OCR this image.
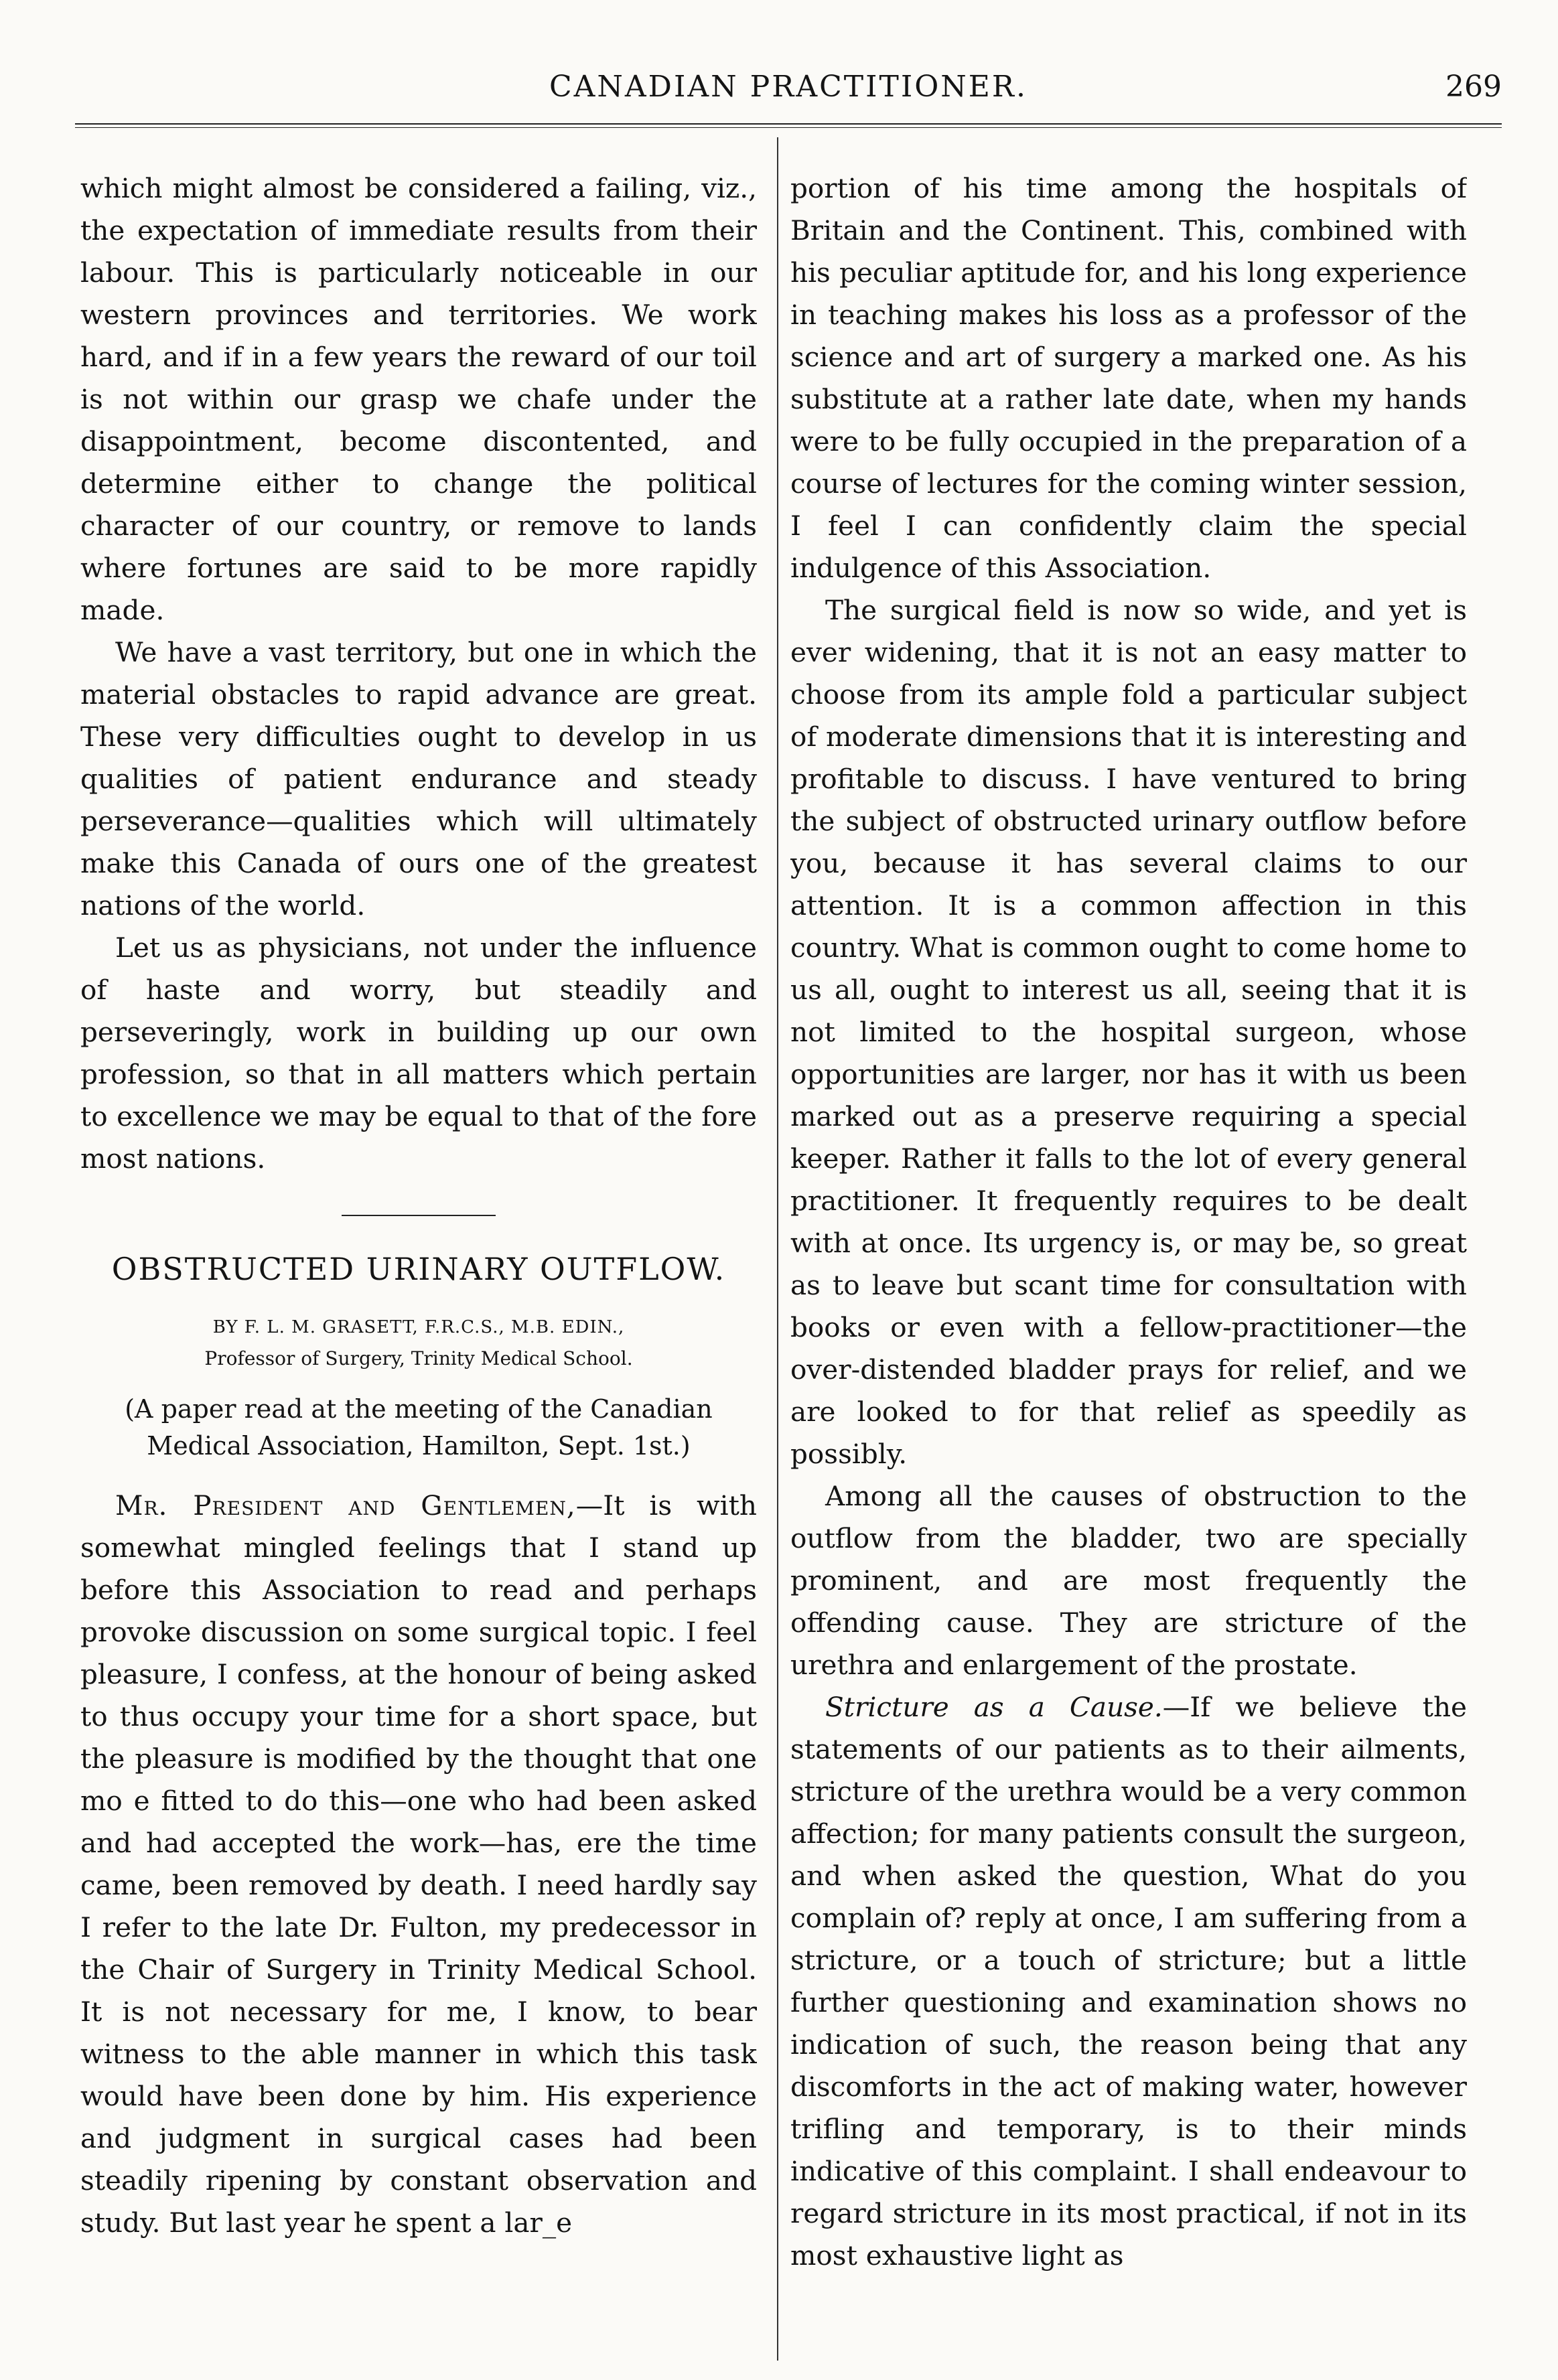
CANADIAN PRACTITIONER.	269

which might almost be considered a failing, viz., the expectation of immediate results from their labour. This is particularly noticeable in our western provinces and territories. We work hard, and if in a few years the reward of our toil is not within our grasp we chafe under the disappointment, become discontented, and determine either to change the political character of our country, or remove to lands where fortunes are said to be more rapidly made.

We have a vast territory, but one in which the material obstacles to rapid advance are great. These very difficulties ought to develop in us qualities of patient endurance and steady perseverance—qualities which will ultimately make this Canada of ours one of the greatest nations of the world.

Let us as physicians, not under the influence of haste and worry, but steadily and perseveringly, work in building up our own profession, so that in all matters which pertain to excellence we may be equal to that of the fore most nations.

OBSTRUCTED URINARY OUTFLOW.
BY F. L. M. GRASETT, F.R.C.S., M.B. EDIN.,
Professor of Surgery, Trinity Medical School.
(A paper read at the meeting of the Canadian Medical Association, Hamilton, Sept. 1st.)

Mr. President and Gentlemen,—It is with somewhat mingled feelings that I stand up before this Association to read and perhaps provoke discussion on some surgical topic. I feel pleasure, I confess, at the honour of being asked to thus occupy your time for a short space, but the pleasure is modified by the thought that one mo e fitted to do this—one who had been asked and had accepted the work—has, ere the time came, been removed by death. I need hardly say I refer to the late Dr. Fulton, my predecessor in the Chair of Surgery in Trinity Medical School. It is not necessary for me, I know, to bear witness to the able manner in which this task would have been done by him. His experience and judgment in surgical cases had been steadily ripening by constant observation and study. But last year he spent a lar_e

portion of his time among the hospitals of Britain and the Continent. This, combined with his peculiar aptitude for, and his long experience in teaching makes his loss as a professor of the science and art of surgery a marked one. As his substitute at a rather late date, when my hands were to be fully occupied in the preparation of a course of lectures for the coming winter session, I feel I can confidently claim the special indulgence of this Association.

The surgical field is now so wide, and yet is ever widening, that it is not an easy matter to choose from its ample fold a particular subject of moderate dimensions that it is interesting and profitable to discuss. I have ventured to bring the subject of obstructed urinary outflow before you, because it has several claims to our attention. It is a common affection in this country. What is common ought to come home to us all, ought to interest us all, seeing that it is not limited to the hospital surgeon, whose opportunities are larger, nor has it with us been marked out as a preserve requiring a special keeper. Rather it falls to the lot of every general practitioner. It frequently requires to be dealt with at once. Its urgency is, or may be, so great as to leave but scant time for consultation with books or even with a fellow-practitioner—the over-distended bladder prays for relief, and we are looked to for that relief as speedily as possibly.

Among all the causes of obstruction to the outflow from the bladder, two are specially prominent, and are most frequently the offending cause. They are stricture of the urethra and enlargement of the prostate.

Stricture as a Cause.—If we believe the statements of our patients as to their ailments, stricture of the urethra would be a very common affection; for many patients consult the surgeon, and when asked the question, What do you complain of? reply at once, I am suffering from a stricture, or a touch of stricture; but a little further questioning and examination shows no indication of such, the reason being that any discomforts in the act of making water, however trifling and temporary, is to their minds indicative of this complaint. I shall endeavour to regard stricture in its most practical, if not in its most exhaustive light as
